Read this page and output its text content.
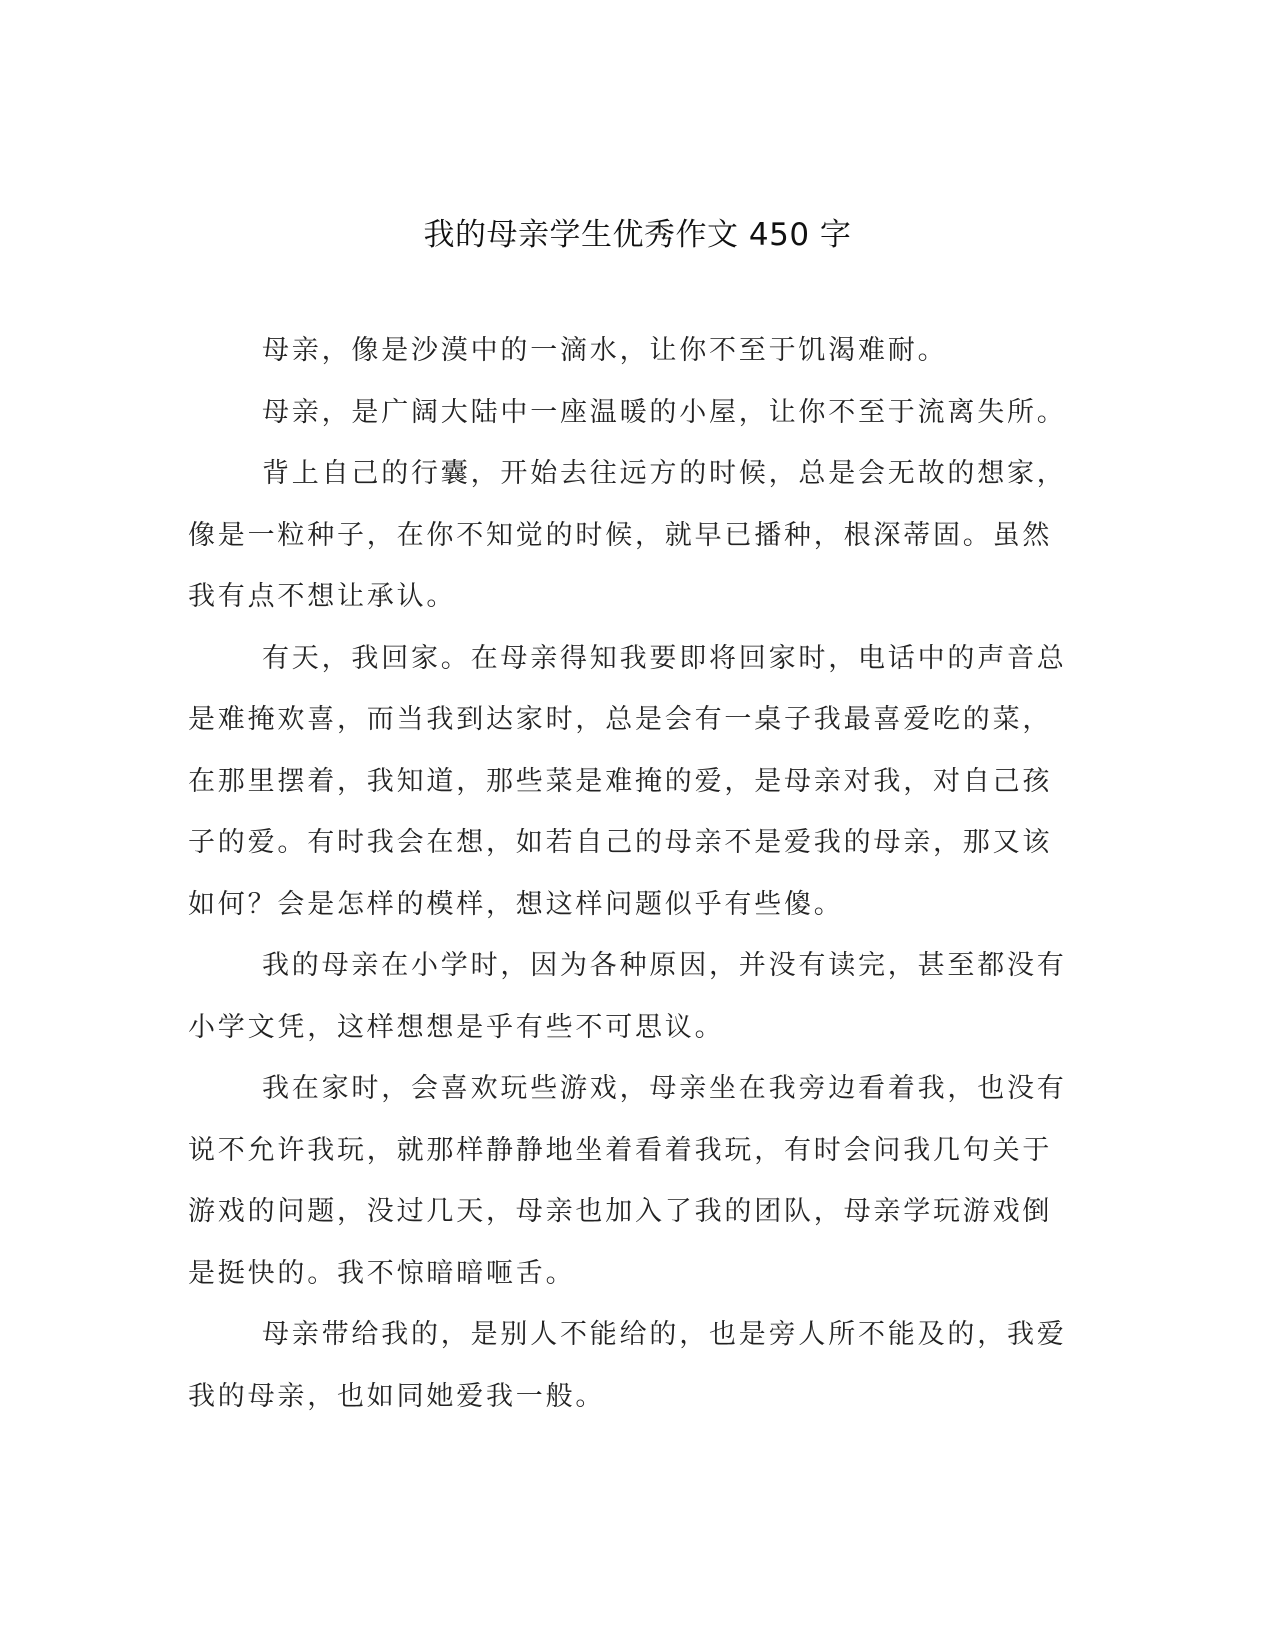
我的母亲学生优秀作文 450 字

母亲，像是沙漠中的一滴水，让你不至于饥渴难耐。

母亲，是广阔大陆中一座温暖的小屋，让你不至于流离失所。

背上自己的行囊，开始去往远方的时候，总是会无故的想家，像是一粒种子，在你不知觉的时候，就早已播种，根深蒂固。虽然我有点不想让承认。

有天，我回家。在母亲得知我要即将回家时，电话中的声音总是难掩欢喜，而当我到达家时，总是会有一桌子我最喜爱吃的菜，在那里摆着，我知道，那些菜是难掩的爱，是母亲对我，对自己孩子的爱。有时我会在想，如若自己的母亲不是爱我的母亲，那又该如何？会是怎样的模样，想这样问题似乎有些傻。

我的母亲在小学时，因为各种原因，并没有读完，甚至都没有小学文凭，这样想想是乎有些不可思议。

我在家时，会喜欢玩些游戏，母亲坐在我旁边看着我，也没有说不允许我玩，就那样静静地坐着看着我玩，有时会问我几句关于游戏的问题，没过几天，母亲也加入了我的团队，母亲学玩游戏倒是挺快的。我不惊暗暗咂舌。

母亲带给我的，是别人不能给的，也是旁人所不能及的，我爱我的母亲，也如同她爱我一般。
